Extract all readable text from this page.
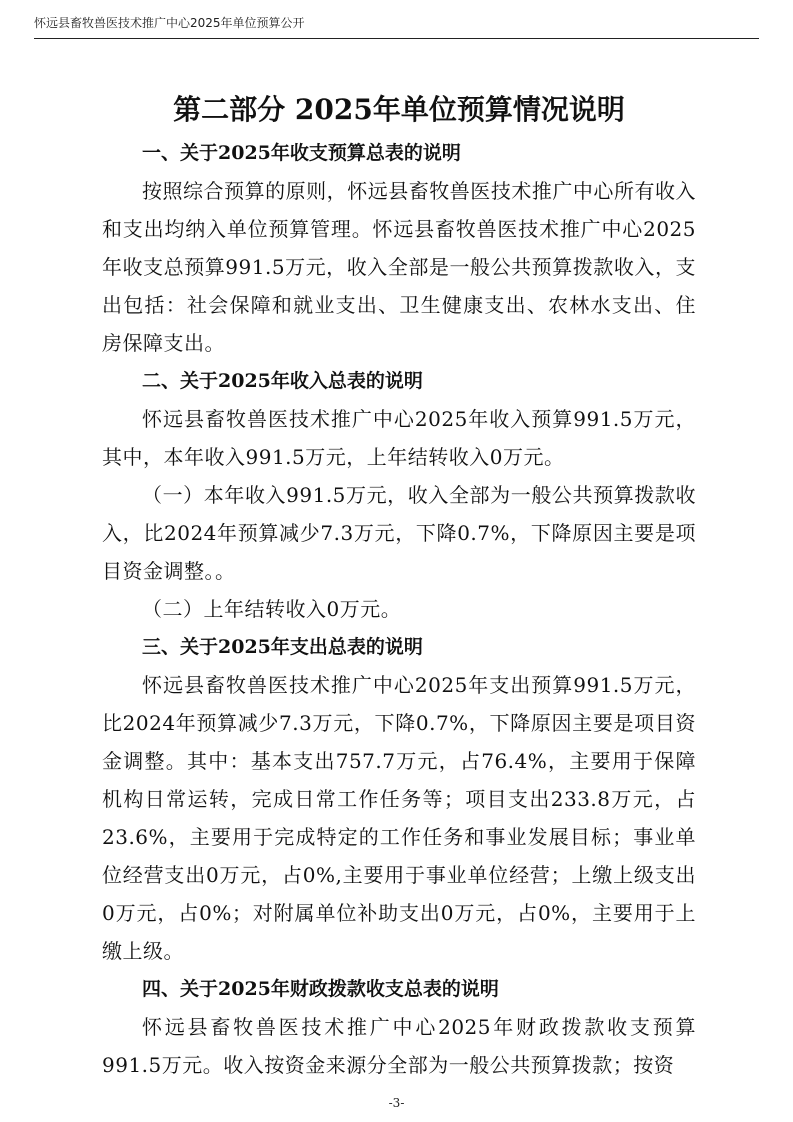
怀远县畜牧兽医技术推广中心2025年单位预算公开
第二部分 2025年单位预算情况说明
一、关于2025年收支预算总表的说明

按照综合预算的原则，怀远县畜牧兽医技术推广中心所有收入和支出均纳入单位预算管理。怀远县畜牧兽医技术推广中心2025年收支总预算991.5万元，收入全部是一般公共预算拨款收入，支出包括：社会保障和就业支出、卫生健康支出、农林水支出、住房保障支出。

二、关于2025年收入总表的说明

怀远县畜牧兽医技术推广中心2025年收入预算991.5万元，其中，本年收入991.5万元，上年结转收入0万元。

（一）本年收入991.5万元，收入全部为一般公共预算拨款收入，比2024年预算减少7.3万元，下降0.7%，下降原因主要是项目资金调整。。

（二）上年结转收入0万元。

三、关于2025年支出总表的说明

怀远县畜牧兽医技术推广中心2025年支出预算991.5万元，比2024年预算减少7.3万元，下降0.7%，下降原因主要是项目资金调整。其中：基本支出757.7万元，占76.4%，主要用于保障机构日常运转，完成日常工作任务等；项目支出233.8万元，占23.6%，主要用于完成特定的工作任务和事业发展目标；事业单位经营支出0万元，占0%,主要用于事业单位经营；上缴上级支出0万元，占0%；对附属单位补助支出0万元，占0%，主要用于上缴上级。

四、关于2025年财政拨款收支总表的说明

怀远县畜牧兽医技术推广中心2025年财政拨款收支预算991.5万元。收入按资金来源分全部为一般公共预算拨款；按资

-3-
